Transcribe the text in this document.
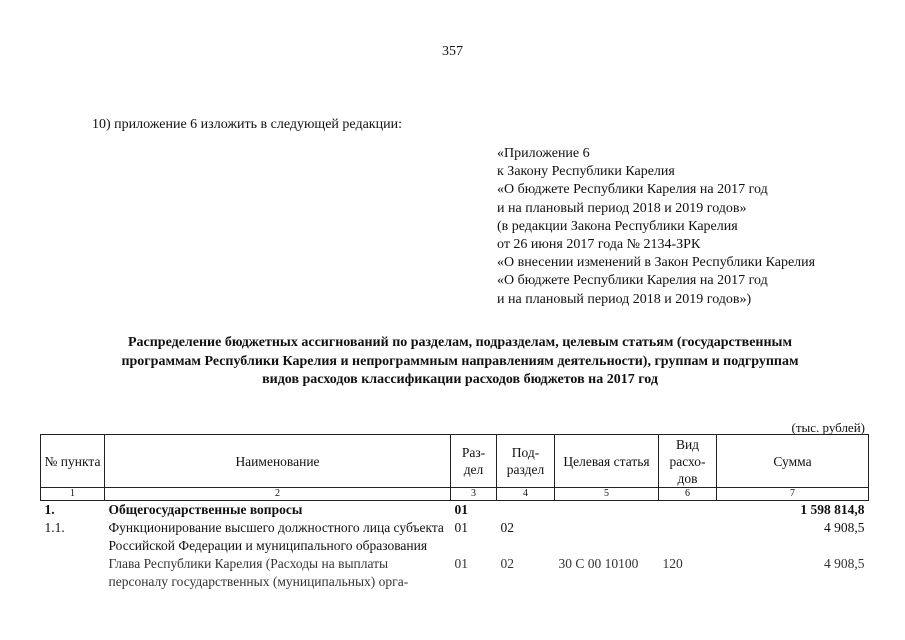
357
10) приложение 6 изложить в следующей редакции:
«Приложение 6
к Закону Республики Карелия
«О бюджете Республики Карелия на 2017 год
и на плановый период 2018 и 2019 годов»
(в редакции Закона Республики Карелия
от 26 июня 2017 года № 2134-ЗРК
«О внесении изменений в Закон Республики Карелия
«О бюджете Республики Карелия на 2017 год
и на плановый период 2018 и 2019 годов»)
Распределение бюджетных ассигнований по разделам, подразделам, целевым статьям (государственным
программам Республики Карелия и непрограммным направлениям деятельности), группам и подгруппам
видов расходов классификации расходов бюджетов на 2017 год
(тыс. рублей)
№ пункта	Наименование	Раз-дел	Под-раздел	Целевая статья	Вид расхо-дов	Сумма
1	2	3	4	5	6	7
1.	Общегосударственные вопросы	01				1 598 814,8
1.1.	Функционирование высшего должностного лица субъекта Российской Федерации и муниципального образования	01	02			4 908,5
	Глава Республики Карелия (Расходы на выплаты персоналу государственных (муниципальных) орга-	01	02	30 С 00 10100	120	4 908,5
